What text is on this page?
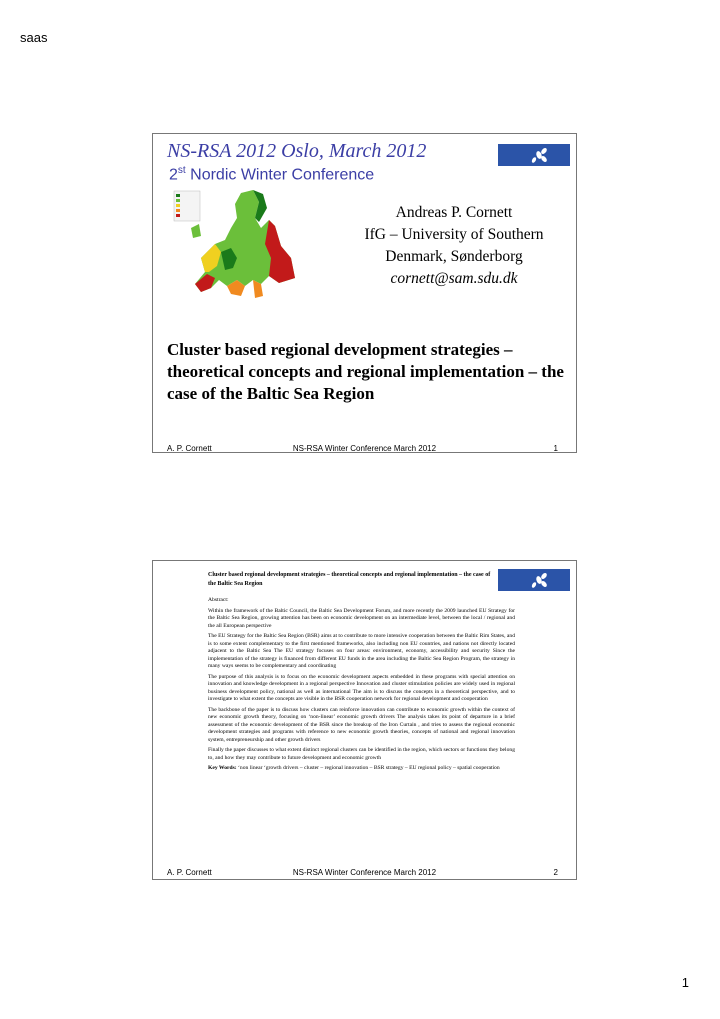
saas
NS-RSA 2012 Oslo, March 2012
2st Nordic Winter Conference
Andreas P. Cornett
IfG – University of Southern
Denmark, Sønderborg
cornett@sam.sdu.dk
Cluster based regional development strategies – theoretical concepts and regional implementation – the case of the Baltic Sea Region
A. P. Cornett	NS-RSA Winter Conference March 2012	1
Cluster based regional development strategies – theoretical concepts and regional implementation – the case of the Baltic Sea Region

Abstract:

Within the framework of the Baltic Council, the Baltic Sea Development Forum, and more recently the 2009 launched EU Strategy for the Baltic Sea Region, growing attention has been on economic development on an intermediate level, between the local / regional and the all European perspective

The EU Strategy for the Baltic Sea Region (BSR) aims at to contribute to more intensive cooperation between the Baltic Rim States, and is to some extent complementary to the first mentioned frameworks, also including non EU countries, and nations not directly located adjacent to the Baltic Sea The EU strategy focuses on four areas: environment, economy, accessibility and security Since the implementation of the strategy is financed from different EU funds in the area including the Baltic Sea Region Program, the strategy in many ways seems to be complementary and coordinating

The purpose of this analysis is to focus on the economic development aspects embedded in these programs with special attention on innovation and knowledge development in a regional perspective Innovation and cluster stimulation policies are widely used in regional business development policy, national as well as international The aim is to discuss the concepts in a theoretical perspective, and to investigate to what extent the concepts are visible in the BSR cooperation network for regional development and cooperation

The backbone of the paper is to discuss how clusters can reinforce innovation can contribute to economic growth within the context of new economic growth theory, focusing on ‘non-linear’ economic growth drivers The analysis takes its point of departure in a brief assessment of the economic development of the BSR since the breakup of the Iron Curtain , and tries to assess the regional economic development strategies and programs with reference to new economic growth theories, concepts of national and regional innovation system, entrepreneurship and other growth drivers

Finally the paper discusses to what extent distinct regional clusters can be identified in the region, which sectors or functions they belong to, and how they may contribute to future development and economic growth

Key Words: ‘non linear ‘growth drivers – cluster – regional innovation – BSR strategy – EU regional policy – spatial cooperation

A. P. Cornett	NS-RSA Winter Conference March 2012	2
1
